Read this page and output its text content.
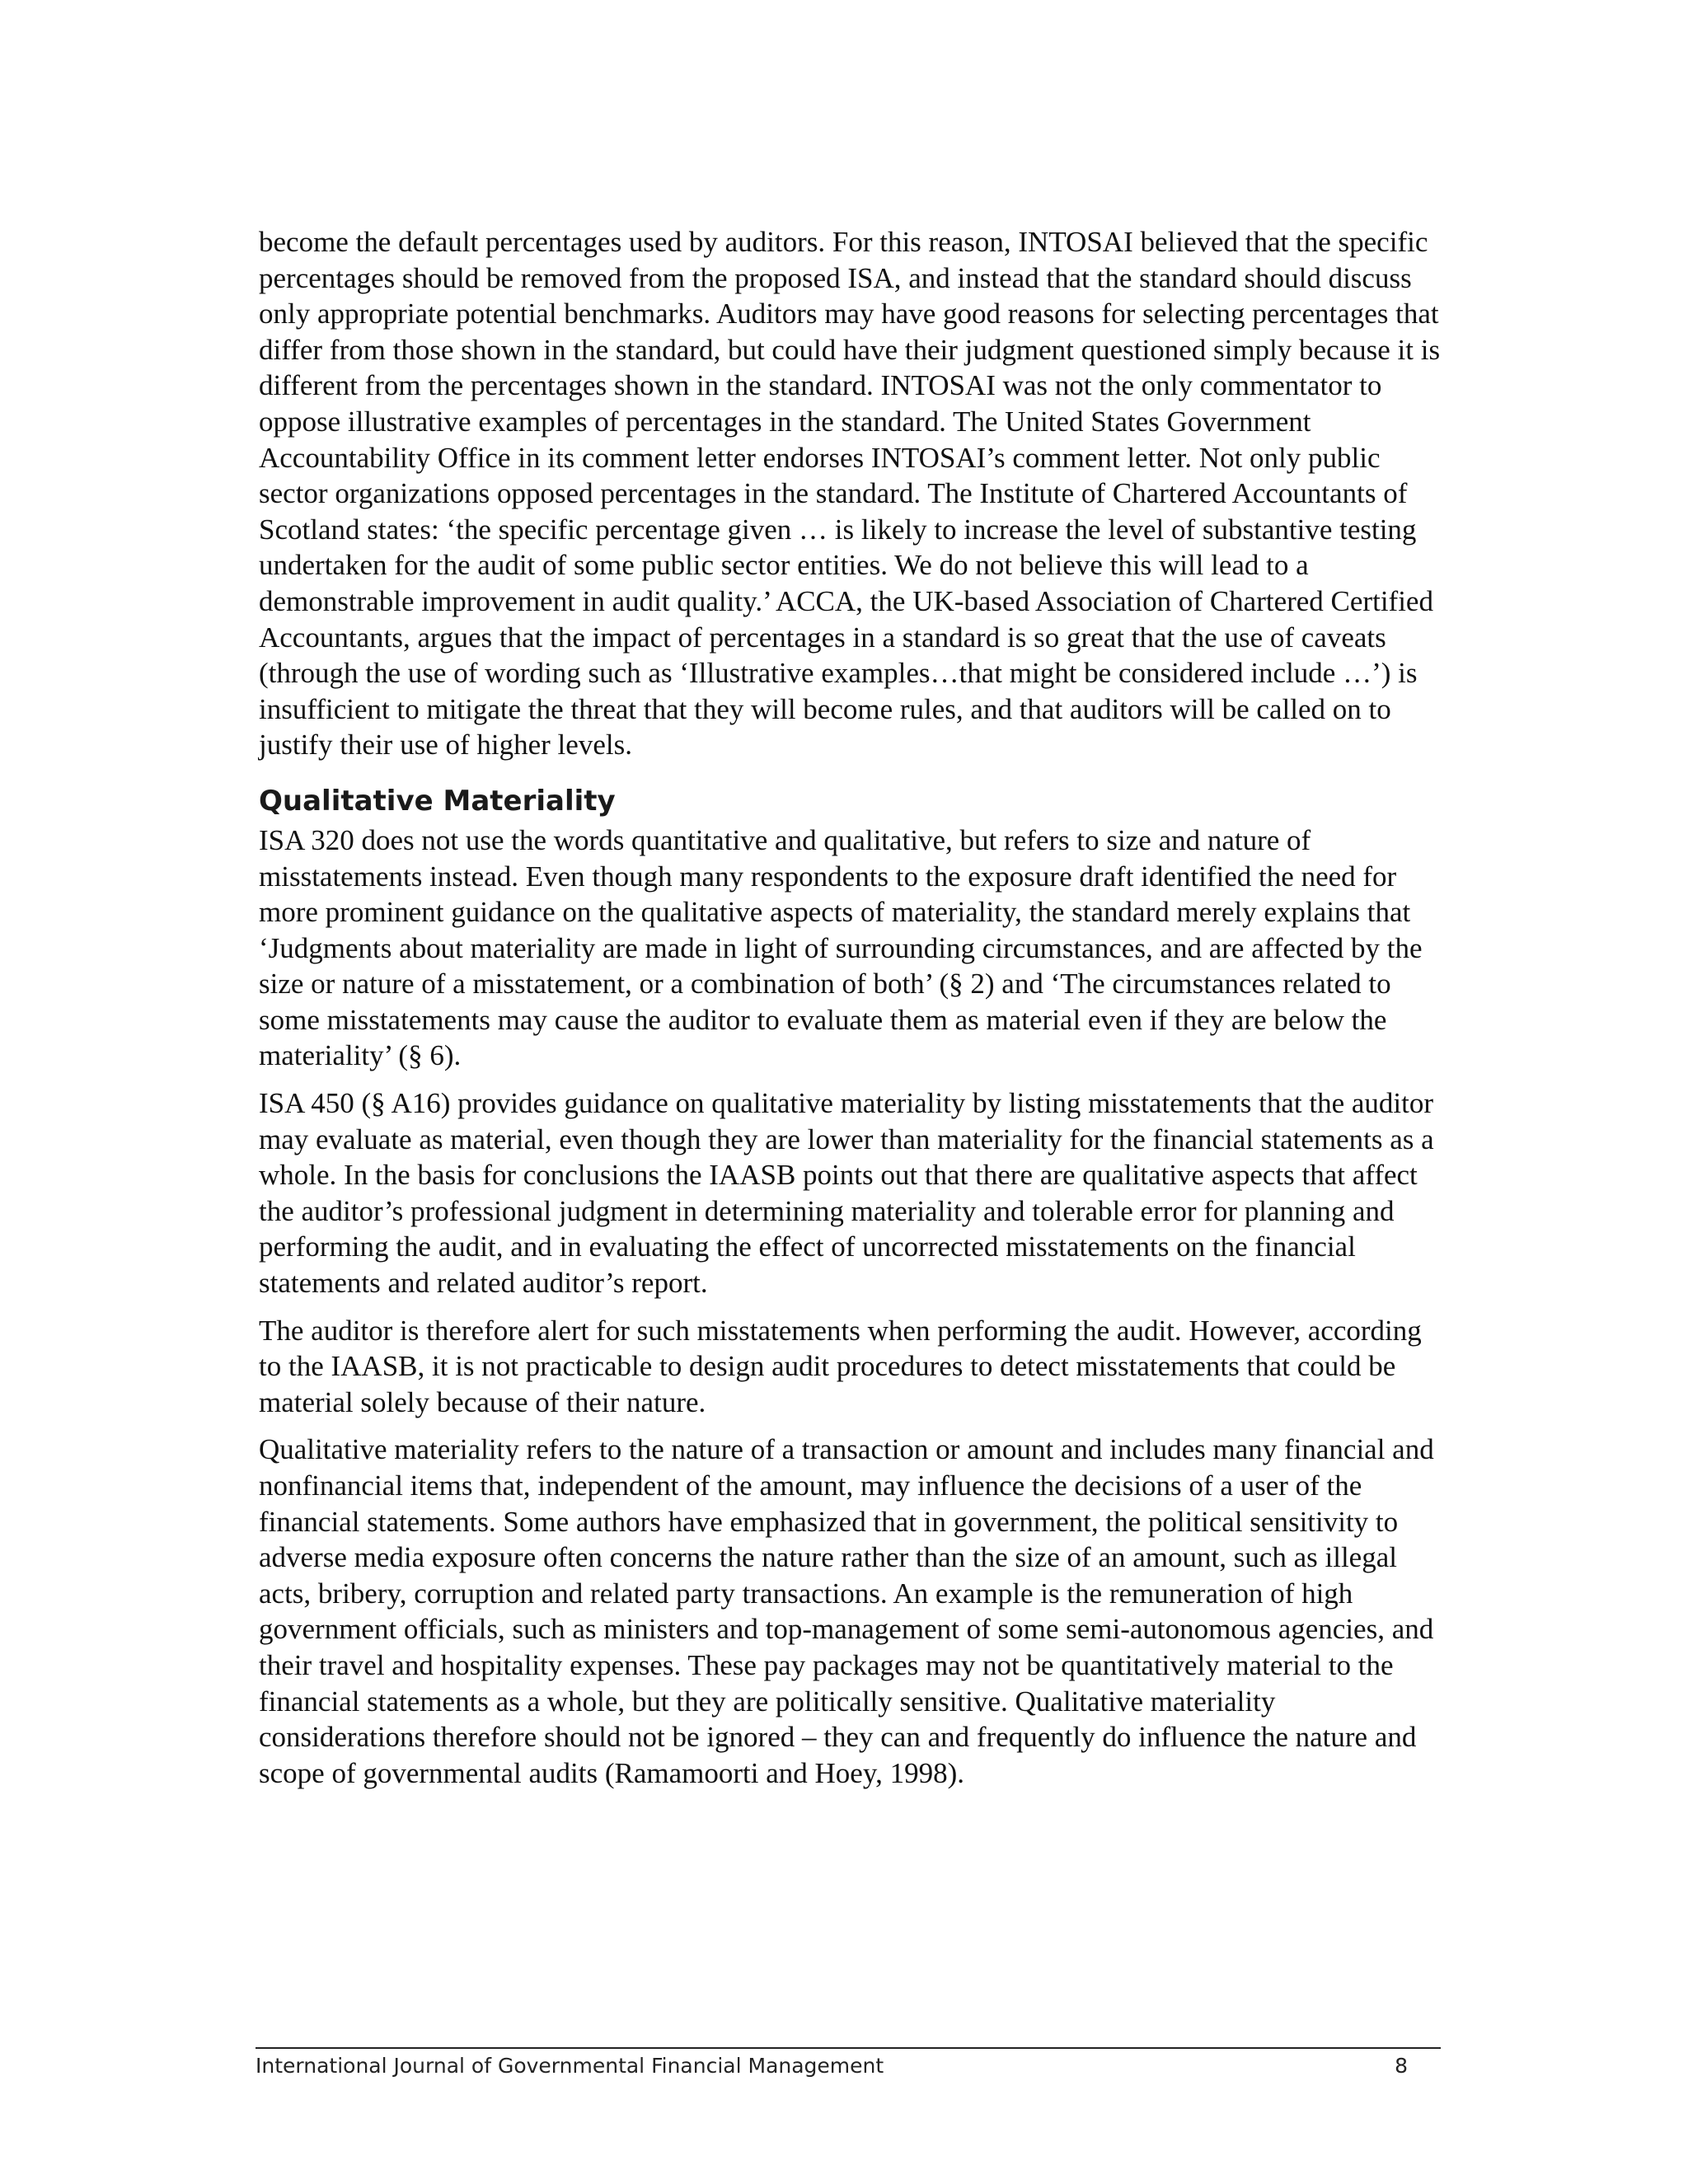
become the default percentages used by auditors. For this reason, INTOSAI believed that the specific percentages should be removed from the proposed ISA, and instead that the standard should discuss only appropriate potential benchmarks. Auditors may have good reasons for selecting percentages that differ from those shown in the standard, but could have their judgment questioned simply because it is different from the percentages shown in the standard. INTOSAI was not the only commentator to oppose illustrative examples of percentages in the standard. The United States Government Accountability Office in its comment letter endorses INTOSAI’s comment letter. Not only public sector organizations opposed percentages in the standard. The Institute of Chartered Accountants of Scotland states: ‘the specific percentage given … is likely to increase the level of substantive testing undertaken for the audit of some public sector entities. We do not believe this will lead to a demonstrable improvement in audit quality.’ ACCA, the UK-based Association of Chartered Certified Accountants, argues that the impact of percentages in a standard is so great that the use of caveats (through the use of wording such as ‘Illustrative examples…that might be considered include …’) is insufficient to mitigate the threat that they will become rules, and that auditors will be called on to justify their use of higher levels.

Qualitative Materiality

ISA 320 does not use the words quantitative and qualitative, but refers to size and nature of misstatements instead. Even though many respondents to the exposure draft identified the need for more prominent guidance on the qualitative aspects of materiality, the standard merely explains that ‘Judgments about materiality are made in light of surrounding circumstances, and are affected by the size or nature of a misstatement, or a combination of both’ (§ 2) and ‘The circumstances related to some misstatements may cause the auditor to evaluate them as material even if they are below the materiality’ (§ 6).

ISA 450 (§ A16) provides guidance on qualitative materiality by listing misstatements that the auditor may evaluate as material, even though they are lower than materiality for the financial statements as a whole. In the basis for conclusions the IAASB points out that there are qualitative aspects that affect the auditor’s professional judgment in determining materiality and tolerable error for planning and performing the audit, and in evaluating the effect of uncorrected misstatements on the financial statements and related auditor’s report.

The auditor is therefore alert for such misstatements when performing the audit. However, according to the IAASB, it is not practicable to design audit procedures to detect misstatements that could be material solely because of their nature.

Qualitative materiality refers to the nature of a transaction or amount and includes many financial and nonfinancial items that, independent of the amount, may influence the decisions of a user of the financial statements. Some authors have emphasized that in government, the political sensitivity to adverse media exposure often concerns the nature rather than the size of an amount, such as illegal acts, bribery, corruption and related party transactions. An example is the remuneration of high government officials, such as ministers and top-management of some semi-autonomous agencies, and their travel and hospitality expenses. These pay packages may not be quantitatively material to the financial statements as a whole, but they are politically sensitive. Qualitative materiality considerations therefore should not be ignored – they can and frequently do influence the nature and scope of governmental audits (Ramamoorti and Hoey, 1998).

International Journal of Governmental Financial Management	8
